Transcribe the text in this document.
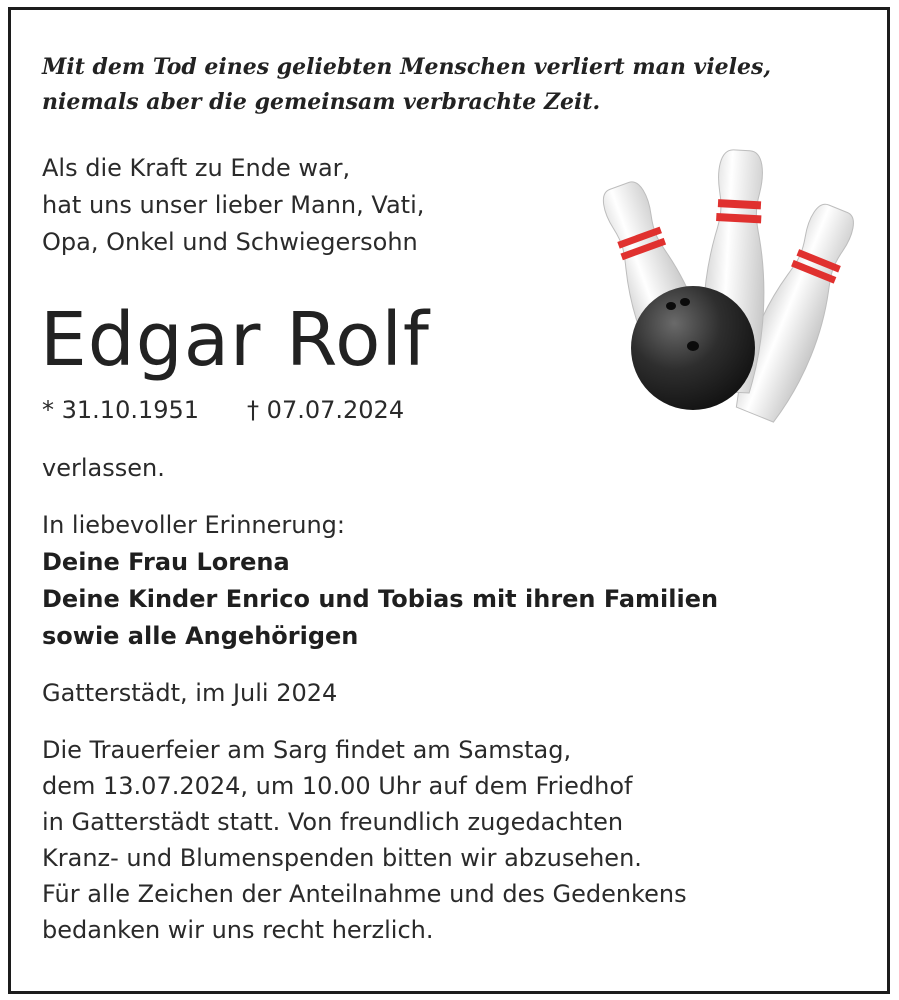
Mit dem Tod eines geliebten Menschen verliert man vieles,
niemals aber die gemeinsam verbrachte Zeit.

Als die Kraft zu Ende war,
hat uns unser lieber Mann, Vati,
Opa, Onkel und Schwiegersohn

Edgar Rolf
* 31.10.1951 † 07.07.2024

verlassen.

In liebevoller Erinnerung:
Deine Frau Lorena
Deine Kinder Enrico und Tobias mit ihren Familien
sowie alle Angehörigen

Gatterstädt, im Juli 2024

Die Trauerfeier am Sarg findet am Samstag,
dem 13.07.2024, um 10.00 Uhr auf dem Friedhof
in Gatterstädt statt. Von freundlich zugedachten
Kranz- und Blumenspenden bitten wir abzusehen.
Für alle Zeichen der Anteilnahme und des Gedenkens
bedanken wir uns recht herzlich.
